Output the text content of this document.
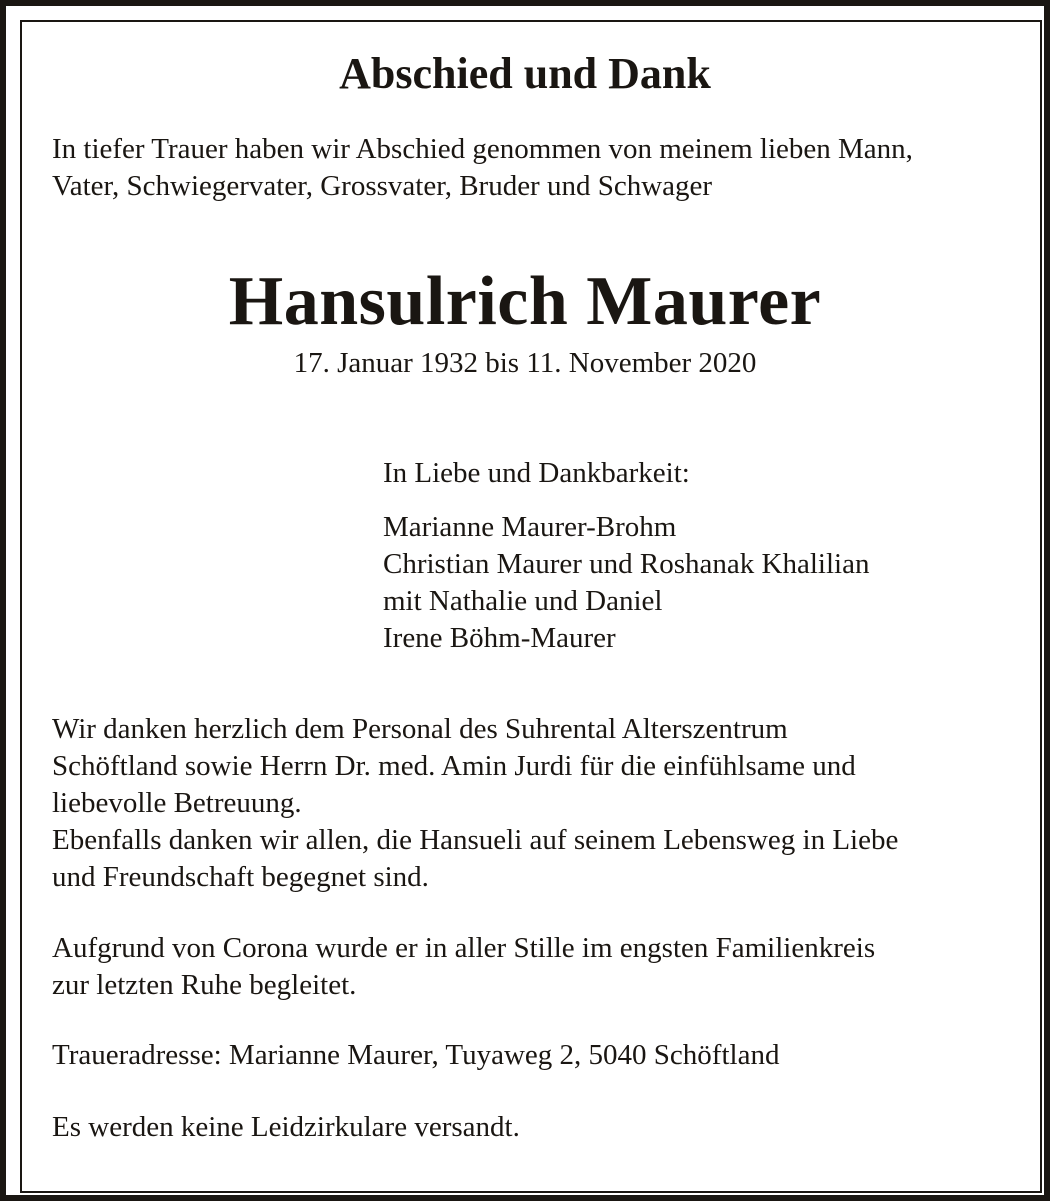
Abschied und Dank
In tiefer Trauer haben wir Abschied genommen von meinem lieben Mann,
Vater, Schwiegervater, Grossvater, Bruder und Schwager
Hansulrich Maurer
17. Januar 1932 bis 11. November 2020
In Liebe und Dankbarkeit:
Marianne Maurer-Brohm
Christian Maurer und Roshanak Khalilian
mit Nathalie und Daniel
Irene Böhm-Maurer
Wir danken herzlich dem Personal des Suhrental Alterszentrum
Schöftland sowie Herrn Dr. med. Amin Jurdi für die einfühlsame und
liebevolle Betreuung.
Ebenfalls danken wir allen, die Hansueli auf seinem Lebensweg in Liebe
und Freundschaft begegnet sind.
Aufgrund von Corona wurde er in aller Stille im engsten Familienkreis
zur letzten Ruhe begleitet.
Traueradresse: Marianne Maurer, Tuyaweg 2, 5040 Schöftland
Es werden keine Leidzirkulare versandt.
